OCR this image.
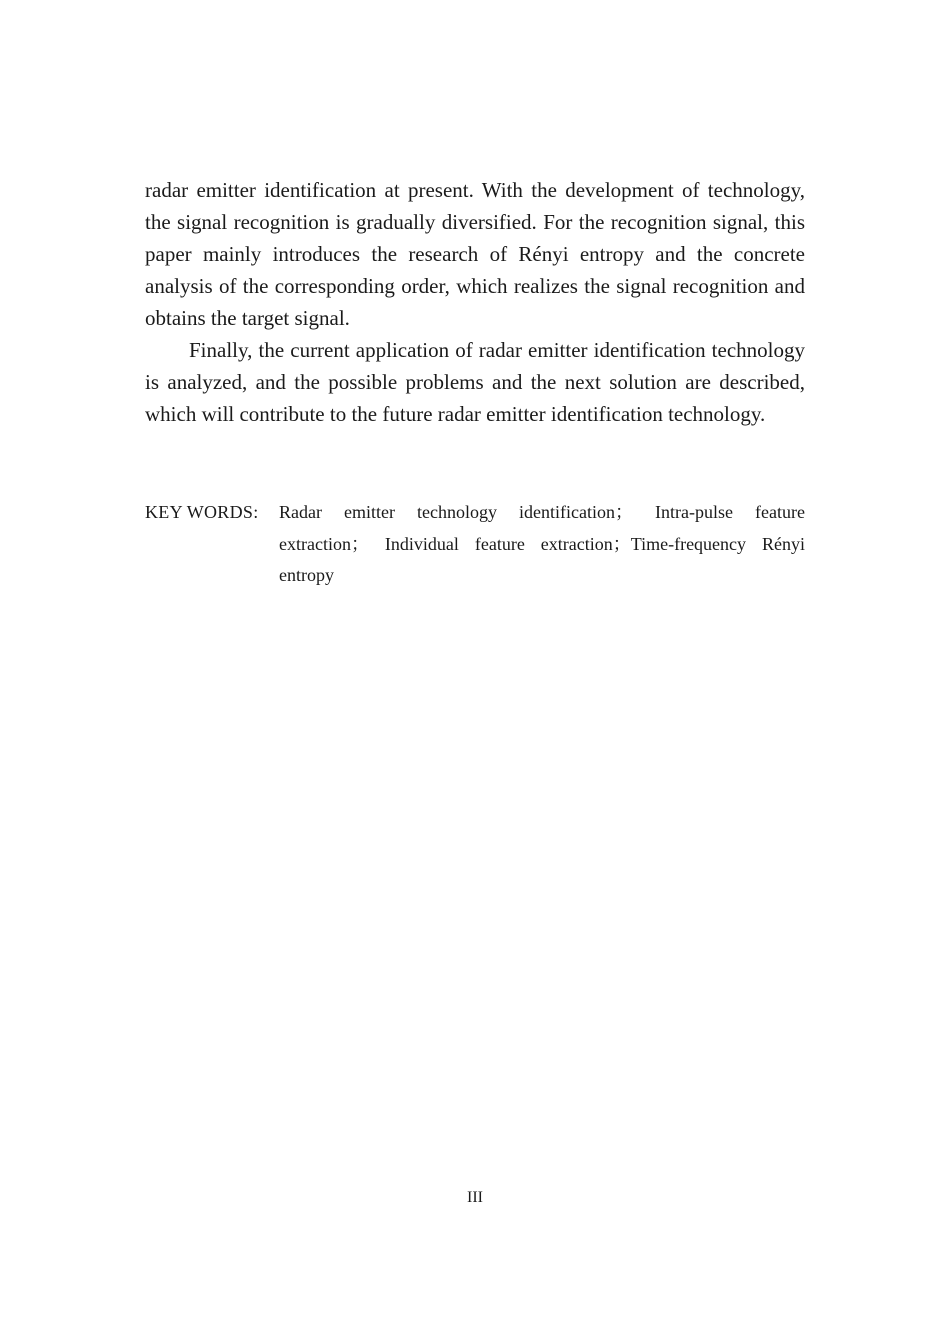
radar emitter identification at present. With the development of technology, the signal recognition is gradually diversified. For the recognition signal, this paper mainly introduces the research of Rényi entropy and the concrete analysis of the corresponding order, which realizes the signal recognition and obtains the target signal.

Finally, the current application of radar emitter identification technology is analyzed, and the possible problems and the next solution are described, which will contribute to the future radar emitter identification technology.

KEY WORDS:	Radar emitter technology identification； Intra-pulse feature extraction； Individual feature extraction；Time-frequency Rényi entropy
III
